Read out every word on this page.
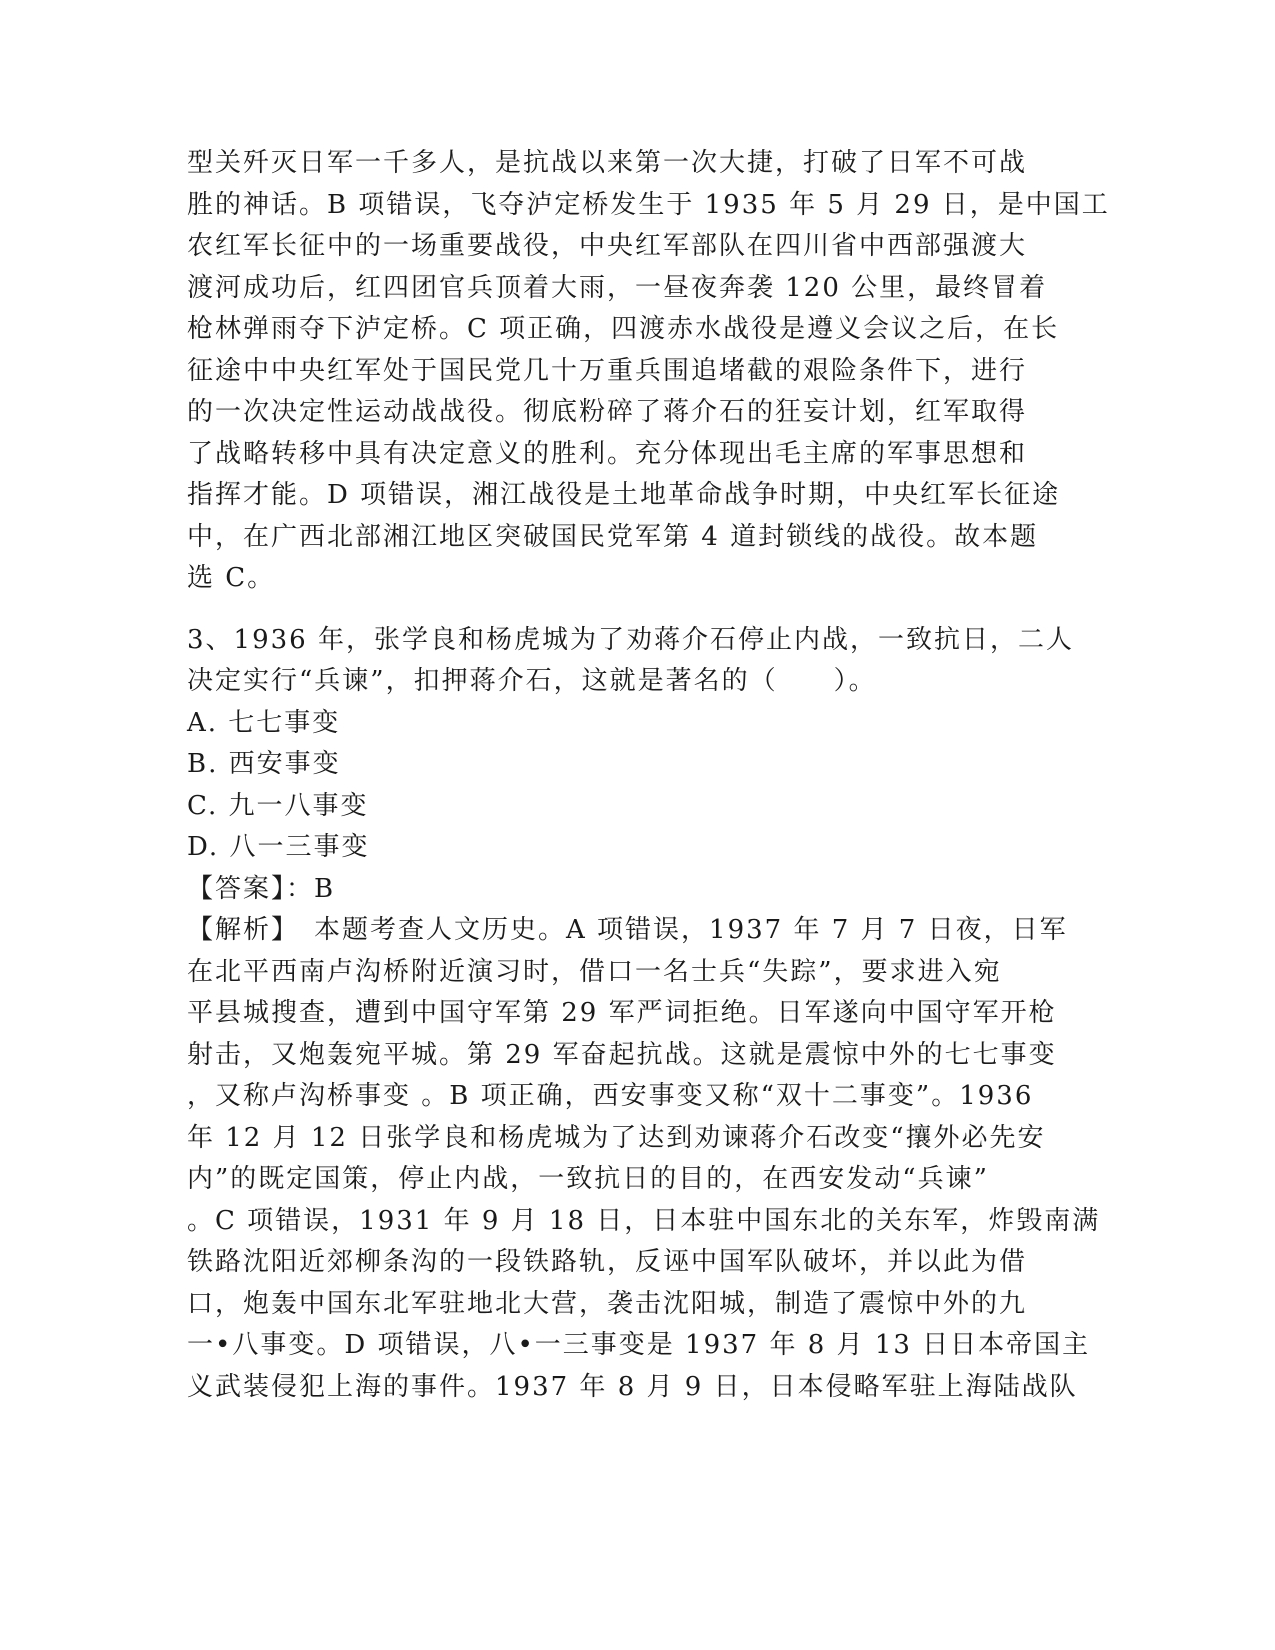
型关歼灭日军一千多人，是抗战以来第一次大捷，打破了日军不可战
胜的神话。B 项错误，飞夺泸定桥发生于 1935 年 5 月 29 日，是中国工
农红军长征中的一场重要战役，中央红军部队在四川省中西部强渡大
渡河成功后，红四团官兵顶着大雨，一昼夜奔袭 120 公里，最终冒着
枪林弹雨夺下泸定桥。C 项正确，四渡赤水战役是遵义会议之后，在长
征途中中央红军处于国民党几十万重兵围追堵截的艰险条件下，进行
的一次决定性运动战战役。彻底粉碎了蒋介石的狂妄计划，红军取得
了战略转移中具有决定意义的胜利。充分体现出毛主席的军事思想和
指挥才能。D 项错误，湘江战役是土地革命战争时期，中央红军长征途
中，在广西北部湘江地区突破国民党军第 4 道封锁线的战役。故本题
选 C。
3、1936 年，张学良和杨虎城为了劝蒋介石停止内战，一致抗日，二人
决定实行“兵谏”，扣押蒋介石，这就是著名的（　　）。
A. 七七事变
B. 西安事变
C. 九一八事变
D. 八一三事变
【答案】：B
【解析】　本题考查人文历史。A 项错误，1937 年 7 月 7 日夜，日军
在北平西南卢沟桥附近演习时，借口一名士兵“失踪”，要求进入宛
平县城搜查，遭到中国守军第 29 军严词拒绝。日军遂向中国守军开枪
射击，又炮轰宛平城。第 29 军奋起抗战。这就是震惊中外的七七事变
，又称卢沟桥事变 。B 项正确，西安事变又称“双十二事变”。1936
年 12 月 12 日张学良和杨虎城为了达到劝谏蒋介石改变“攘外必先安
内”的既定国策，停止内战，一致抗日的目的，在西安发动“兵谏”
。C 项错误，1931 年 9 月 18 日，日本驻中国东北的关东军，炸毁南满
铁路沈阳近郊柳条沟的一段铁路轨，反诬中国军队破坏，并以此为借
口，炮轰中国东北军驻地北大营，袭击沈阳城，制造了震惊中外的九
一•八事变。D 项错误，八•一三事变是 1937 年 8 月 13 日日本帝国主
义武装侵犯上海的事件。1937 年 8 月 9 日，日本侵略军驻上海陆战队
